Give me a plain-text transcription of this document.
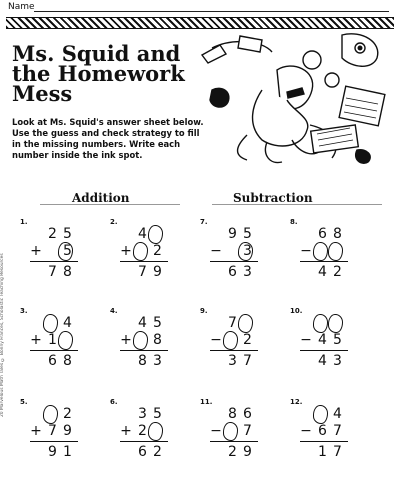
Name
Ms. Squid and
the Homework
Mess
Look at Ms. Squid's answer sheet below. Use the guess and check strategy to fill in the missing numbers. Write each number inside the ink spot.
20 Marvelous Math Tales © Bonny Frances, Scholastic Teaching Resources
Addition	Subtraction
1.
2 5
+ 5
7 8
2.
4
+ 2
7 9
3.
4
+ 1
6 8
4.
4 5
+ 8
8 3
5.
2
+ 7 9
9 1
6.
3 5
+ 2
6 2
7.
9 5
− 3
6 3
8.
6 8
−
4 2
9.
7
− 2
3 7
10.
− 4 5
4 3
11.
8 6
− 7
2 9
12.
4
− 6 7
1 7
